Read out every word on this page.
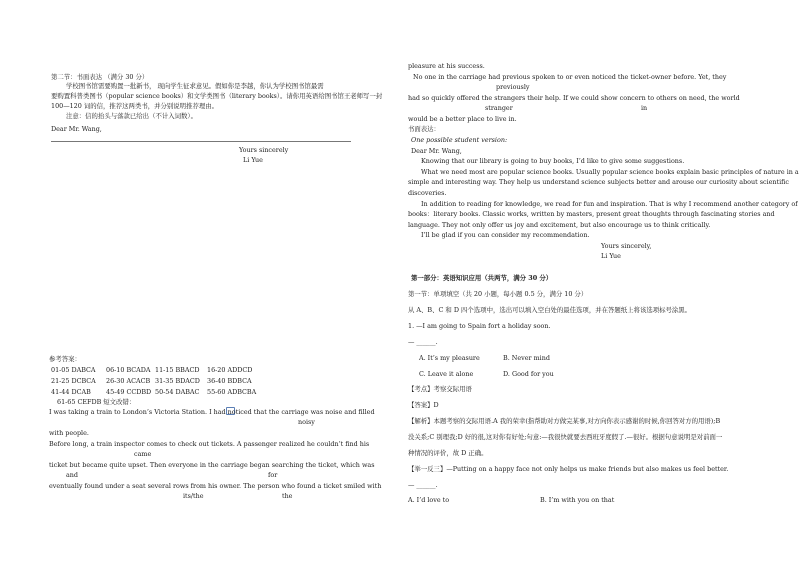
第二节：书面表达 （满分 30 分）
学校图书馆需要购置一批新书， 现向学生征求意见。假如你是李越，你认为学校图书馆最需
要购置科普类图书（popular science books）和文学类图书（literary books）。请你用英语给图书馆王老师写一封
100—120 词的信，推荐这两类书，并分别说明推荐理由。
注意：信的抬头与落款已给出（不计入词数）。
Dear Mr. Wang,
Yours sincerely
Li Yue
参考答案：
01-05 DABCA 06-10 BCADA 11-15 BBACD 16-20 ADDCD
21-25 DCBCA 26-30 ACACB 31-35 BDACD 36-40 BDBCA
41-44 DCAB 45-49 CCDBD 50-54 DABAC 55-60 ADBCBA
61-65 CEFDB 短文改错：
I was taking a train to London’s Victoria Station. I had noticed that the carriage was noise and filled
noisy
with people.
Before long, a train inspector comes to check out tickets. A passenger realized he couldn’t find his
came
ticket but became quite upset. Then everyone in the carriage began searching the ticket, which was
and	for
eventually found under a seat several rows from his owner. The person who found a ticket smiled with
its/the	the
pleasure at his success.
No one in the carriage had previous spoken to or even noticed the ticket-owner before. Yet, they
previously
had so quickly offered the strangers their help. If we could show concern to others on need, the world
stranger	in
would be a better place to live in.
书面表达：
One possible student version:
Dear Mr. Wang,
Knowing that our library is going to buy books, I’d like to give some suggestions.
What we need most are popular science books. Usually popular science books explain basic principles of nature in a
simple and interesting way. They help us understand science subjects better and arouse our curiosity about scientific
discoveries.
In addition to reading for knowledge, we read for fun and inspiration. That is why I recommend another category of
books：literary books. Classic works, written by masters, present great thoughts through fascinating stories and
language. They not only offer us joy and excitement, but also encourage us to think critically.
I’ll be glad if you can consider my recommendation.
Yours sincerely,
Li Yue
第一部分：英语知识应用（共两节，满分 30 分）
第一节：单项填空（共 20 小题，每小题 0.5 分，满分 10 分）
从 A、B、C 和 D 四个选项中，选出可以填入空白处的最佳选项，并在答题纸上将该选项标号涂黑。
1. —I am going to Spain fort a holiday soon.
— ______.
A. It’s my pleasure	B. Never mind
C. Leave it alone	D. Good for you
【考点】考察交际用语
【答案】D
【解析】本题考察的交际用语.A 我的荣幸(指帮助对方做完某事,对方向你表示感谢的时候,你回答对方的用语);B
没关系;C 别理我;D 好的很,这对你有好处;句意:—我很快就要去西班牙度假了.—很好。根据句意说明是对前面一
种情况的评价，故 D 正确。
【举一反三】—Putting on a happy face not only helps us make friends but also makes us feel better.
— ______.
A. I’d love to	B. I’m with you on that
